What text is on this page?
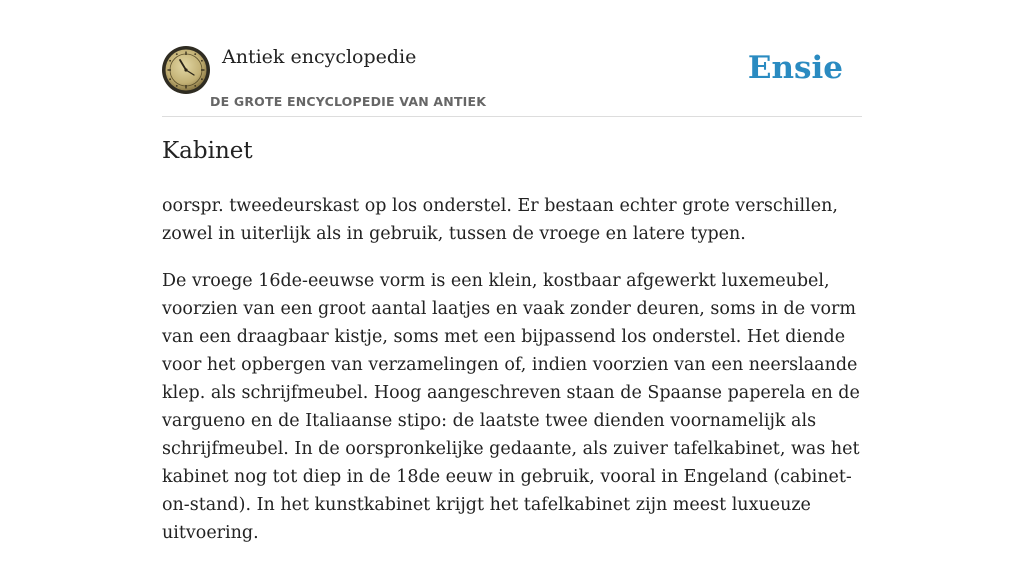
Antiek encyclopedie
DE GROTE ENCYCLOPEDIE VAN ANTIEK
Ensie
Kabinet

oorspr. tweedeurskast op los onderstel. Er bestaan echter grote verschillen, zowel in uiterlijk als in gebruik, tussen de vroege en latere typen.

De vroege 16de-eeuwse vorm is een klein, kostbaar afgewerkt luxemeubel, voorzien van een groot aantal laatjes en vaak zonder deuren, soms in de vorm van een draagbaar kistje, soms met een bijpassend los onderstel. Het diende voor het opbergen van verzamelingen of, indien voorzien van een neerslaande klep. als schrijfmeubel. Hoog aangeschreven staan de Spaanse paperela en de vargueno en de Italiaanse stipo: de laatste twee dienden voornamelijk als schrijfmeubel. In de oorspronkelijke gedaante, als zuiver tafelkabinet, was het kabinet nog tot diep in de 18de eeuw in gebruik, vooral in Engeland (cabinet-on-stand). In het kunstkabinet krijgt het tafelkabinet zijn meest luxueuze uitvoering.
